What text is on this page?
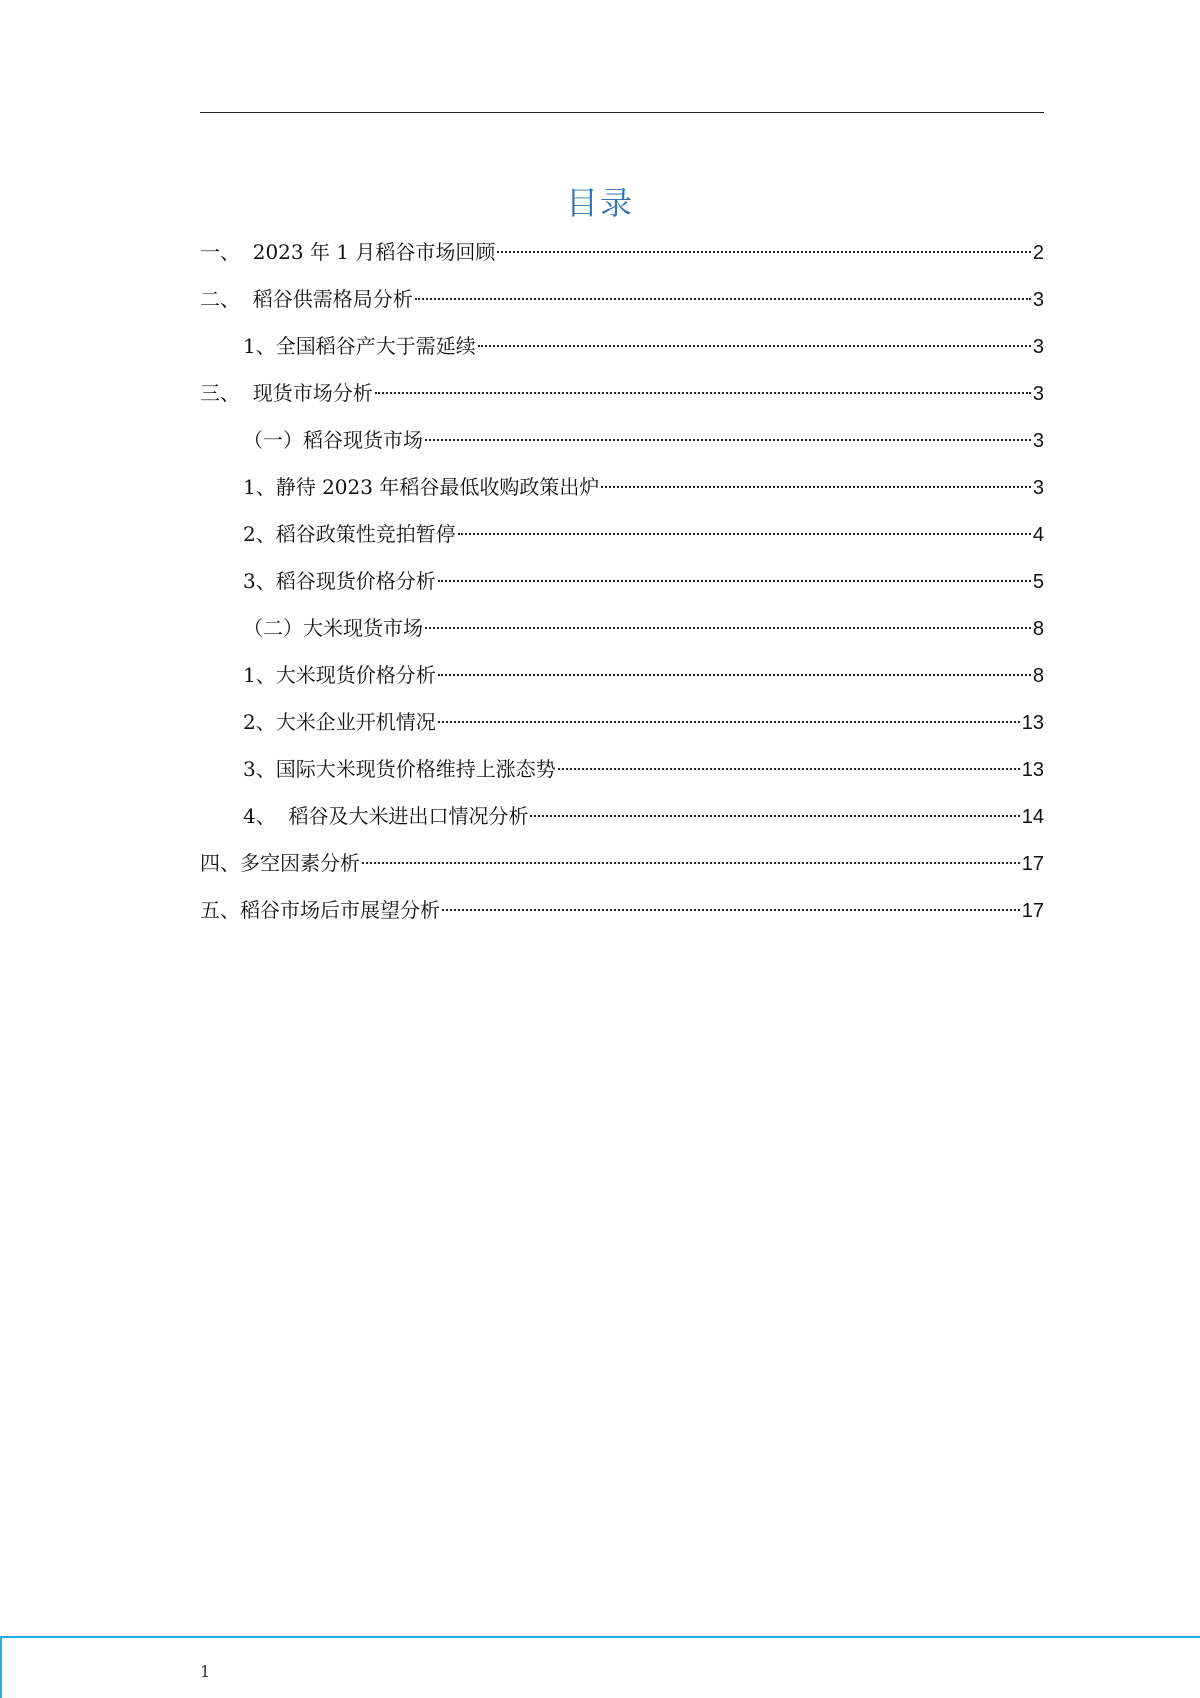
目录
一、  2023 年 1 月稻谷市场回顾	2
二、  稻谷供需格局分析	3
1、全国稻谷产大于需延续	3
三、  现货市场分析	3
（一）稻谷现货市场	3
1、静待 2023 年稻谷最低收购政策出炉	3
2、稻谷政策性竞拍暂停	4
3、稻谷现货价格分析	5
（二）大米现货市场	8
1、大米现货价格分析	8
2、大米企业开机情况	13
3、国际大米现货价格维持上涨态势	13
4、  稻谷及大米进出口情况分析	14
四、多空因素分析	17
五、稻谷市场后市展望分析	17
1
